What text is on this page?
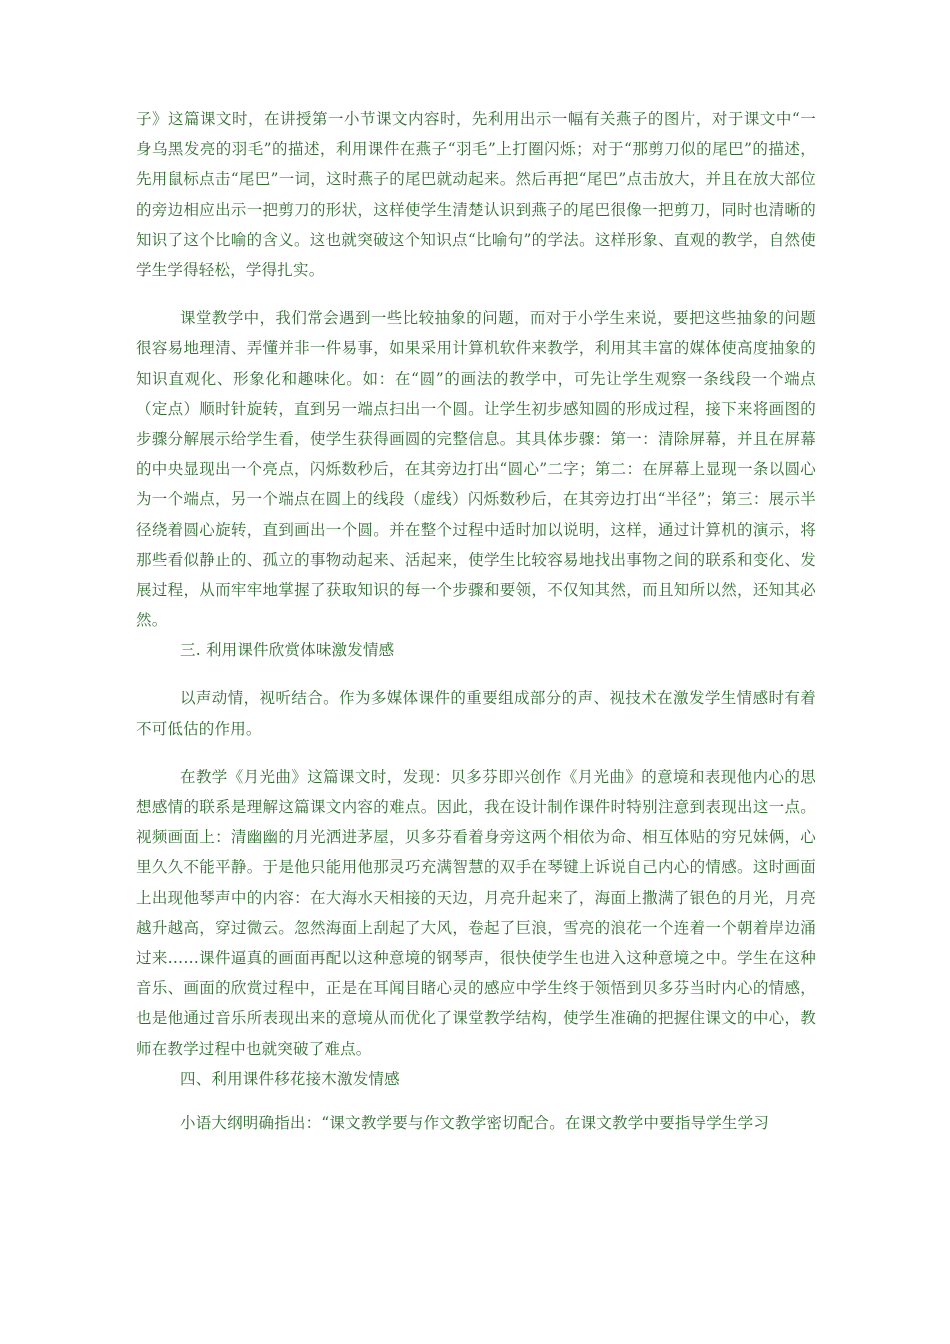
子》这篇课文时，在讲授第一小节课文内容时，先利用出示一幅有关燕子的图片，对于课文中“一身乌黑发亮的羽毛”的描述，利用课件在燕子“羽毛”上打圈闪烁；对于“那剪刀似的尾巴”的描述，先用鼠标点击“尾巴”一词，这时燕子的尾巴就动起来。然后再把“尾巴”点击放大，并且在放大部位的旁边相应出示一把剪刀的形状，这样使学生清楚认识到燕子的尾巴很像一把剪刀，同时也清晰的知识了这个比喻的含义。这也就突破这个知识点“比喻句”的学法。这样形象、直观的教学，自然使学生学得轻松，学得扎实。

课堂教学中，我们常会遇到一些比较抽象的问题，而对于小学生来说，要把这些抽象的问题很容易地理清、弄懂并非一件易事，如果采用计算机软件来教学，利用其丰富的媒体使高度抽象的知识直观化、形象化和趣味化。如：在“圆”的画法的教学中，可先让学生观察一条线段一个端点（定点）顺时针旋转，直到另一端点扫出一个圆。让学生初步感知圆的形成过程，接下来将画图的步骤分解展示给学生看，使学生获得画圆的完整信息。其具体步骤：第一：清除屏幕，并且在屏幕的中央显现出一个亮点，闪烁数秒后，在其旁边打出“圆心”二字；第二：在屏幕上显现一条以圆心为一个端点，另一个端点在圆上的线段（虚线）闪烁数秒后，在其旁边打出“半径”；第三：展示半径绕着圆心旋转，直到画出一个圆。并在整个过程中适时加以说明，这样，通过计算机的演示，将那些看似静止的、孤立的事物动起来、活起来，使学生比较容易地找出事物之间的联系和变化、发展过程，从而牢牢地掌握了获取知识的每一个步骤和要领，不仅知其然，而且知所以然，还知其必然。

三. 利用课件欣赏体味激发情感

以声动情，视听结合。作为多媒体课件的重要组成部分的声、视技术在激发学生情感时有着不可低估的作用。

在教学《月光曲》这篇课文时，发现：贝多芬即兴创作《月光曲》的意境和表现他内心的思想感情的联系是理解这篇课文内容的难点。因此，我在设计制作课件时特别注意到表现出这一点。视频画面上：清幽幽的月光洒进茅屋，贝多芬看着身旁这两个相依为命、相互体贴的穷兄妹俩，心里久久不能平静。于是他只能用他那灵巧充满智慧的双手在琴键上诉说自己内心的情感。这时画面上出现他琴声中的内容：在大海水天相接的天边，月亮升起来了，海面上撒满了银色的月光，月亮越升越高，穿过微云。忽然海面上刮起了大风，卷起了巨浪，雪亮的浪花一个连着一个朝着岸边涌过来……课件逼真的画面再配以这种意境的钢琴声，很快使学生也进入这种意境之中。学生在这种音乐、画面的欣赏过程中，正是在耳闻目睹心灵的感应中学生终于领悟到贝多芬当时内心的情感，也是他通过音乐所表现出来的意境从而优化了课堂教学结构，使学生准确的把握住课文的中心，教师在教学过程中也就突破了难点。

四、利用课件移花接木激发情感

小语大纲明确指出：“课文教学要与作文教学密切配合。在课文教学中要指导学生学习
